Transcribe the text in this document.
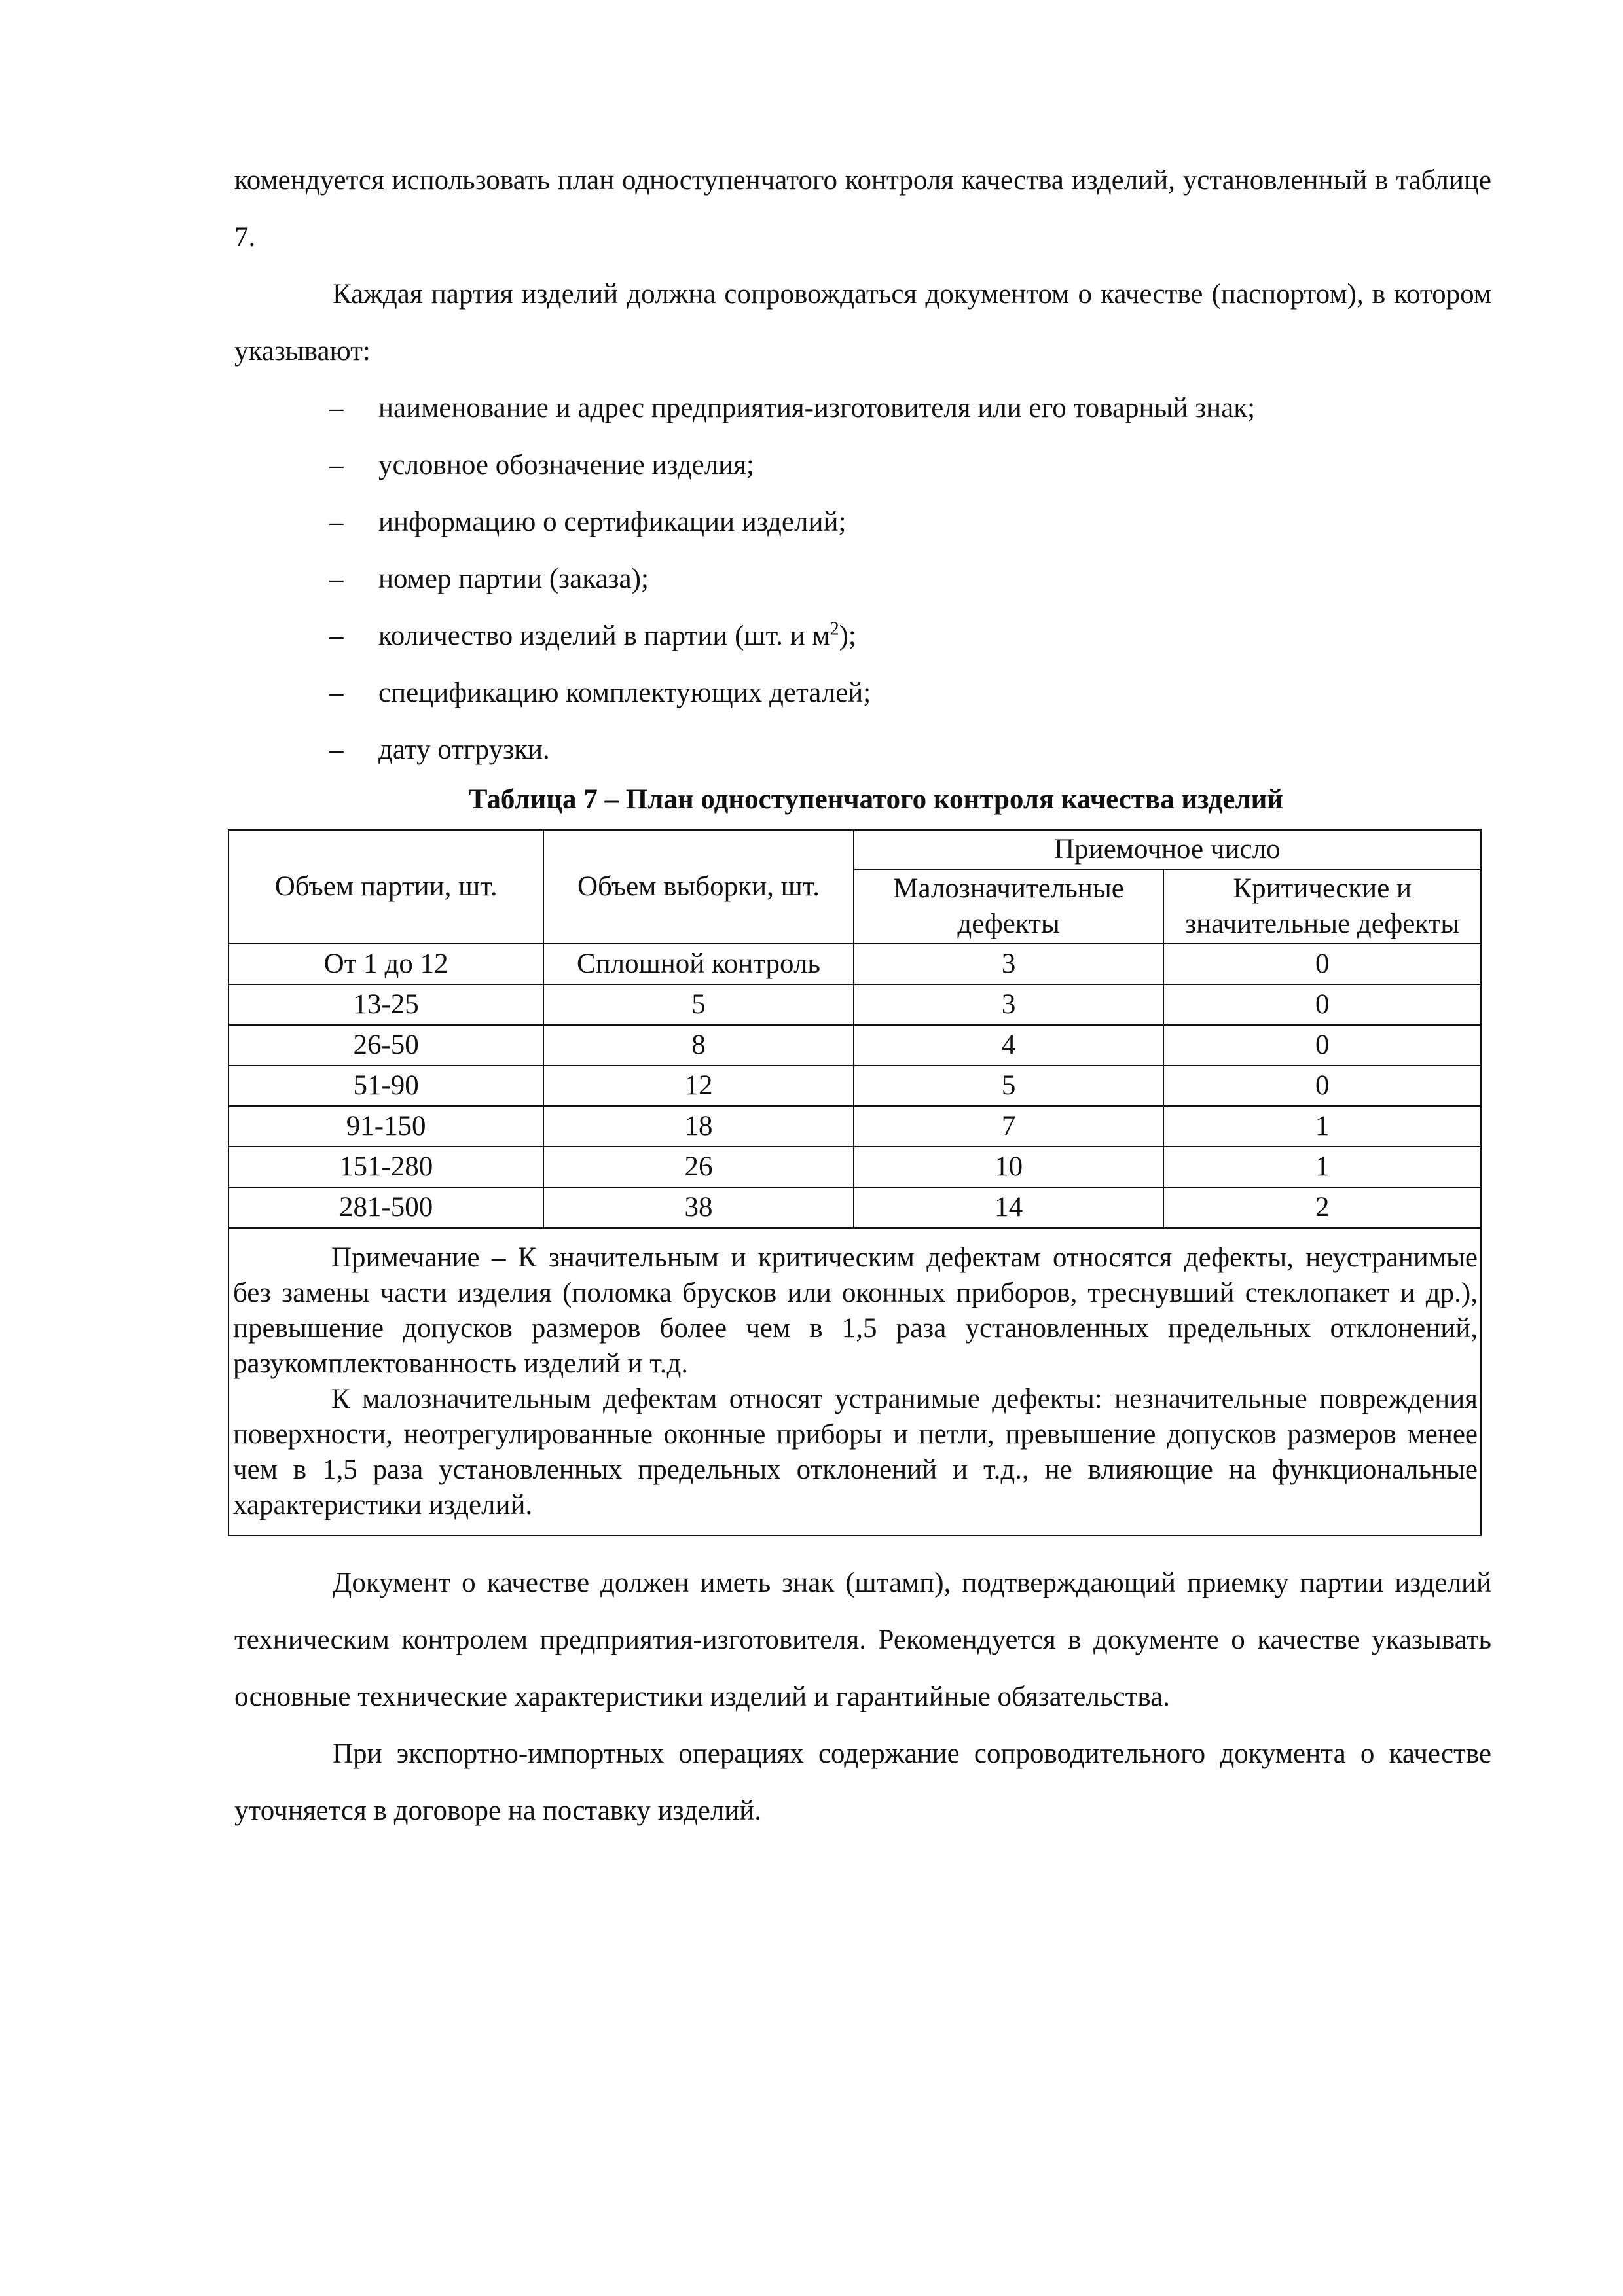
комендуется использовать план одноступенчатого контроля качества изделий, установленный в таблице 7.

Каждая партия изделий должна сопровождаться документом о качестве (паспортом), в котором указывают:

– наименование и адрес предприятия-изготовителя или его товарный знак;
– условное обозначение изделия;
– информацию о сертификации изделий;
– номер партии (заказа);
– количество изделий в партии (шт. и $м^2$);
– спецификацию комплектующих деталей;
– дату отгрузки.

Таблица 7 – План одноступенчатого контроля качества изделий

Объем партии, шт.	Объем выборки, шт.	Приемочное число	
		Малозначительные дефекты	Критические и значительные дефекты
От 1 до 12	Сплошной контроль	3	0
13-25	5	3	0
26-50	8	4	0
51-90	12	5	0
91-150	18	7	1
151-280	26	10	1
281-500	38	14	2

Примечание – К значительным и критическим дефектам относятся дефекты, неустранимые без замены части изделия (поломка брусков или оконных приборов, треснувший стеклопакет и др.), превышение допусков размеров более чем в 1,5 раза установленных предельных отклонений, разукомплектованность изделий и т.д.

К малозначительным дефектам относят устранимые дефекты: незначительные повреждения поверхности, неотрегулированные оконные приборы и петли, превышение допусков размеров менее чем в 1,5 раза установленных предельных отклонений и т.д., не влияющие на функциональные характеристики изделий.			

Документ о качестве должен иметь знак (штамп), подтверждающий приемку партии изделий техническим контролем предприятия-изготовителя. Рекомендуется в документе о качестве указывать основные технические характеристики изделий и гарантийные обязательства.

При экспортно-импортных операциях содержание сопроводительного документа о качестве уточняется в договоре на поставку изделий.
